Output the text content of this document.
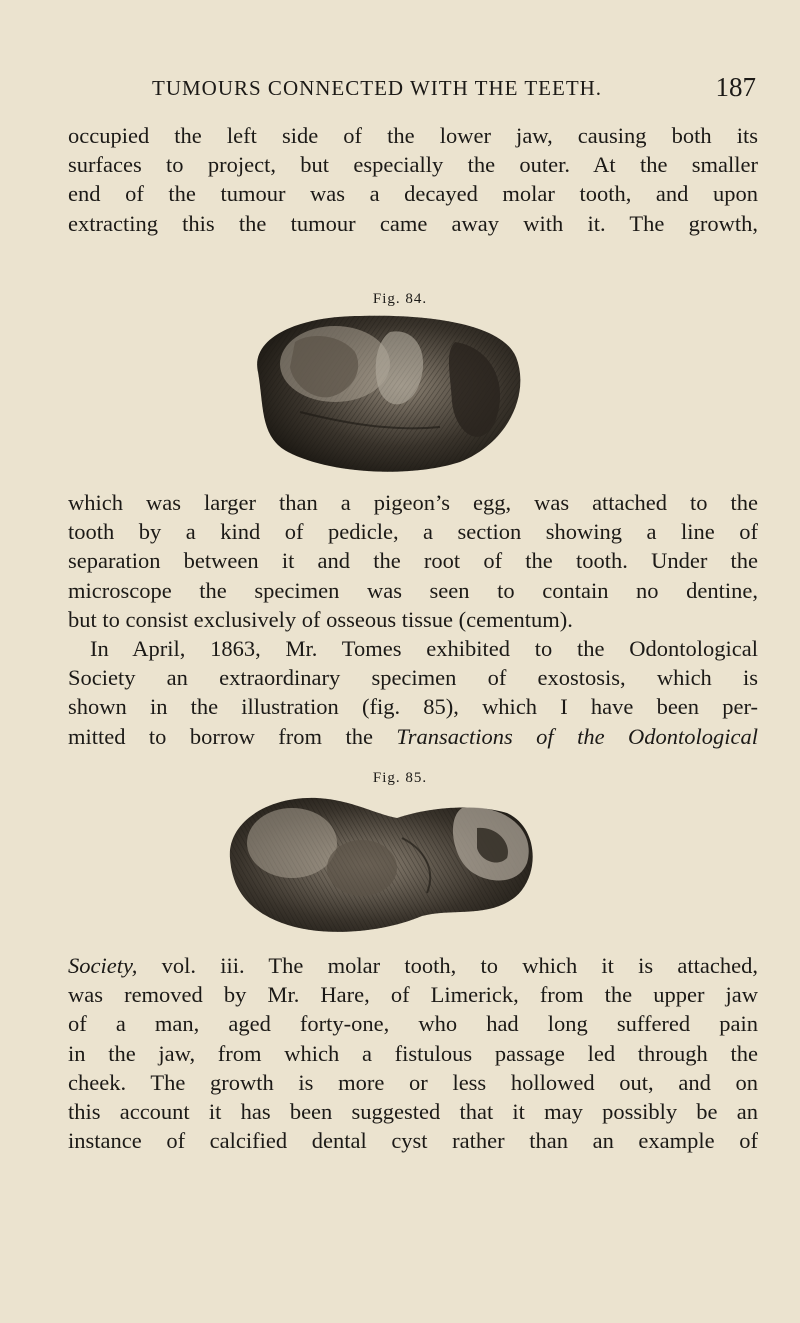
TUMOURS CONNECTED WITH THE TEETH.	187
occupied the left side of the lower jaw, causing both its
surfaces to project, but especially the outer. At the smaller
end of the tumour was a decayed molar tooth, and upon
extracting this the tumour came away with it. The growth,
Fig. 84.
which was larger than a pigeon’s egg, was attached to the
tooth by a kind of pedicle, a section showing a line of
separation between it and the root of the tooth. Under the
microscope the specimen was seen to contain no dentine,
but to consist exclusively of osseous tissue (cementum).
In April, 1863, Mr. Tomes exhibited to the Odontological
Society an extraordinary specimen of exostosis, which is
shown in the illustration (fig. 85), which I have been per-
mitted to borrow from the Transactions of the Odontological
Fig. 85.
Society, vol. iii. The molar tooth, to which it is attached,
was removed by Mr. Hare, of Limerick, from the upper jaw
of a man, aged forty-one, who had long suffered pain
in the jaw, from which a fistulous passage led through the
cheek. The growth is more or less hollowed out, and on
this account it has been suggested that it may possibly be an
instance of calcified dental cyst rather than an example of
